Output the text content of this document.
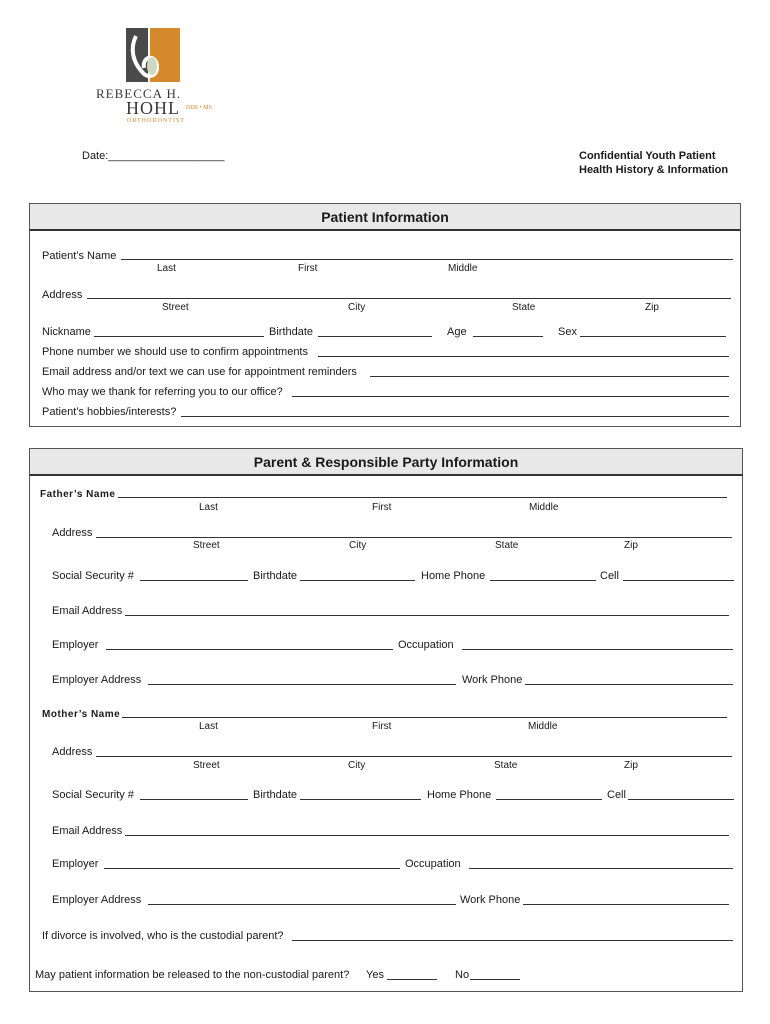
REBECCA H.
HOHL DDS • MS
ORTHODONTIST
Date:___________________	Confidential Youth Patient
Health History & Information
Patient Information
Patient’s Name
Last	First	Middle
Address
Street	City	State	Zip
Nickname	Birthdate	Age	Sex
Phone number we should use to confirm appointments
Email address and/or text we can use for appointment reminders
Who may we thank for referring you to our office?
Patient’s hobbies/interests?
Parent & Responsible Party Information
Father’s Name
Last	First	Middle
Address
Street	City	State	Zip
Social Security #	Birthdate	Home Phone	Cell
Email Address
Employer	Occupation
Employer Address	Work Phone
Mother’s Name
Last	First	Middle
Address
Street	City	State	Zip
Social Security #	Birthdate	Home Phone	Cell
Email Address
Employer	Occupation
Employer Address	Work Phone
If divorce is involved, who is the custodial parent?
May patient information be released to the non-custodial parent? Yes	No
